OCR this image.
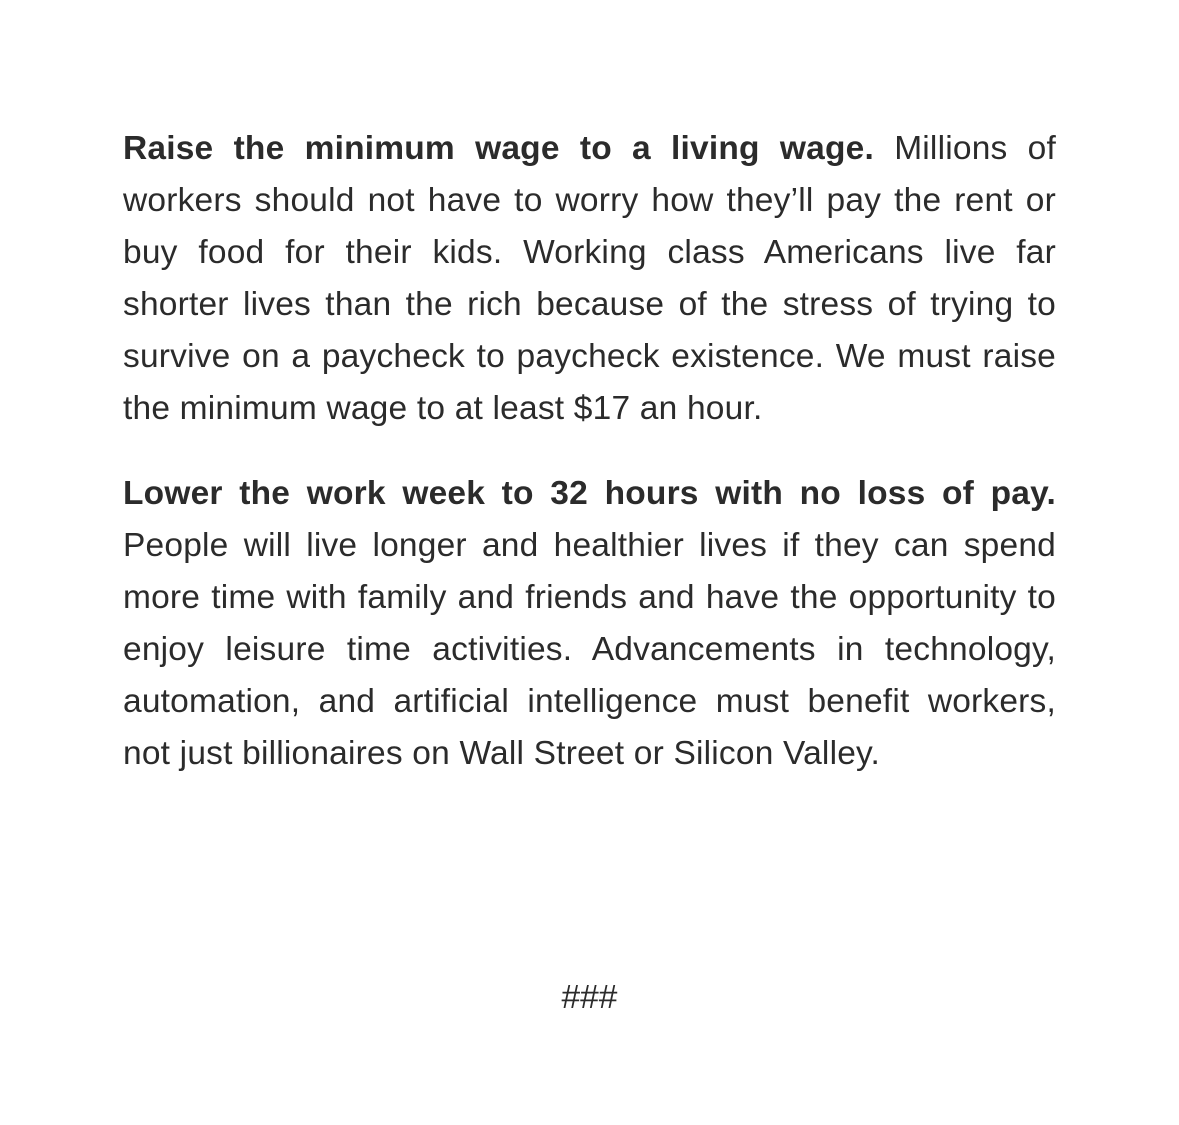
Raise the minimum wage to a living wage. Millions of workers should not have to worry how they’ll pay the rent or buy food for their kids. Working class Americans live far shorter lives than the rich because of the stress of trying to survive on a paycheck to paycheck existence. We must raise the minimum wage to at least $17 an hour.

Lower the work week to 32 hours with no loss of pay. People will live longer and healthier lives if they can spend more time with family and friends and have the opportunity to enjoy leisure time activities. Advancements in technology, automation, and artificial intelligence must benefit workers, not just billionaires on Wall Street or Silicon Valley.

###
